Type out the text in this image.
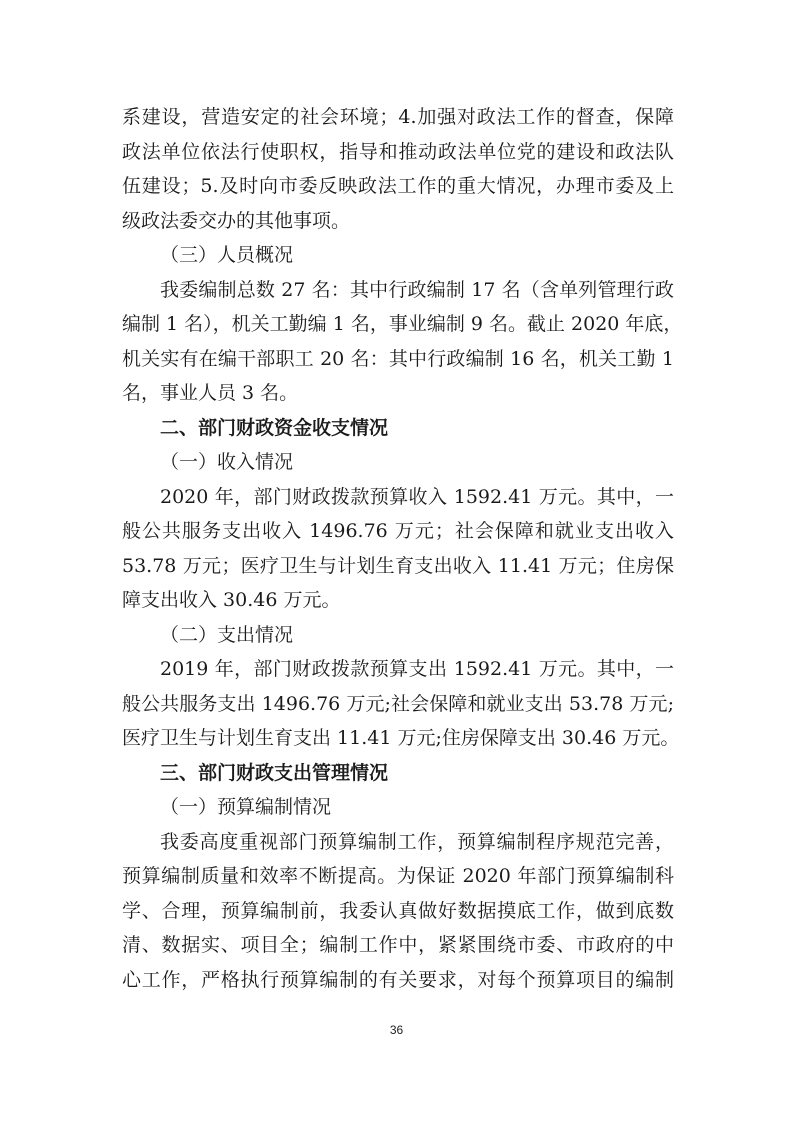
系建设，营造安定的社会环境；4.加强对政法工作的督查，保障
政法单位依法行使职权，指导和推动政法单位党的建设和政法队
伍建设；5.及时向市委反映政法工作的重大情况，办理市委及上
级政法委交办的其他事项。
（三）人员概况
我委编制总数 27 名：其中行政编制 17 名（含单列管理行政
编制 1 名），机关工勤编 1 名，事业编制 9 名。截止 2020 年底，
机关实有在编干部职工 20 名：其中行政编制 16 名，机关工勤 1
名，事业人员 3 名。
二、部门财政资金收支情况
（一）收入情况
2020 年，部门财政拨款预算收入 1592.41 万元。其中，一
般公共服务支出收入 1496.76 万元；社会保障和就业支出收入
53.78 万元；医疗卫生与计划生育支出收入 11.41 万元；住房保
障支出收入 30.46 万元。
（二）支出情况
2019 年，部门财政拨款预算支出 1592.41 万元。其中，一
般公共服务支出 1496.76 万元;社会保障和就业支出 53.78 万元;
医疗卫生与计划生育支出 11.41 万元;住房保障支出 30.46 万元。
三、部门财政支出管理情况
（一）预算编制情况
我委高度重视部门预算编制工作，预算编制程序规范完善，
预算编制质量和效率不断提高。为保证 2020 年部门预算编制科
学、合理，预算编制前，我委认真做好数据摸底工作，做到底数
清、数据实、项目全；编制工作中，紧紧围绕市委、市政府的中
心工作，严格执行预算编制的有关要求，对每个预算项目的编制
36
